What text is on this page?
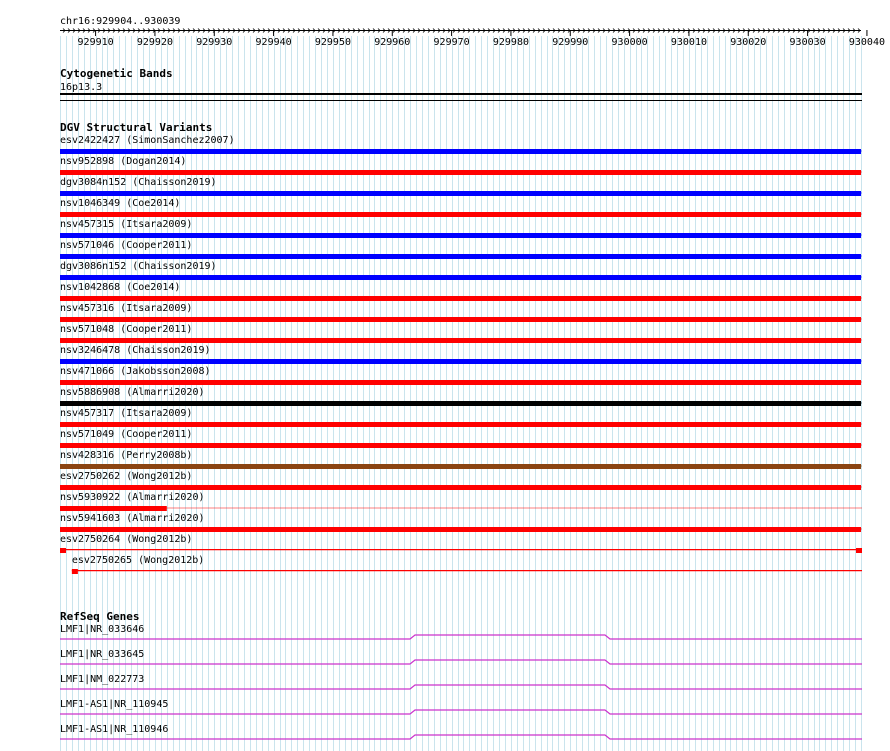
chr16:929904..930039
929910 929920 929930 929940 929950 929960 929970 929980 929990 930000 930010 930020 930030 930040
Cytogenetic Bands
16p13.3
DGV Structural Variants
esv2422427 (SimonSanchez2007)
nsv952898 (Dogan2014)
dgv3084n152 (Chaisson2019)
nsv1046349 (Coe2014)
nsv457315 (Itsara2009)
nsv571046 (Cooper2011)
dgv3086n152 (Chaisson2019)
nsv1042868 (Coe2014)
nsv457316 (Itsara2009)
nsv571048 (Cooper2011)
nsv3246478 (Chaisson2019)
nsv471066 (Jakobsson2008)
nsv5886908 (Almarri2020)
nsv457317 (Itsara2009)
nsv571049 (Cooper2011)
nsv428316 (Perry2008b)
esv2750262 (Wong2012b)
nsv5930922 (Almarri2020)
nsv5941603 (Almarri2020)
esv2750264 (Wong2012b)
esv2750265 (Wong2012b)
RefSeq Genes
LMF1|NR_033646
LMF1|NR_033645
LMF1|NM_022773
LMF1-AS1|NR_110945
LMF1-AS1|NR_110946
